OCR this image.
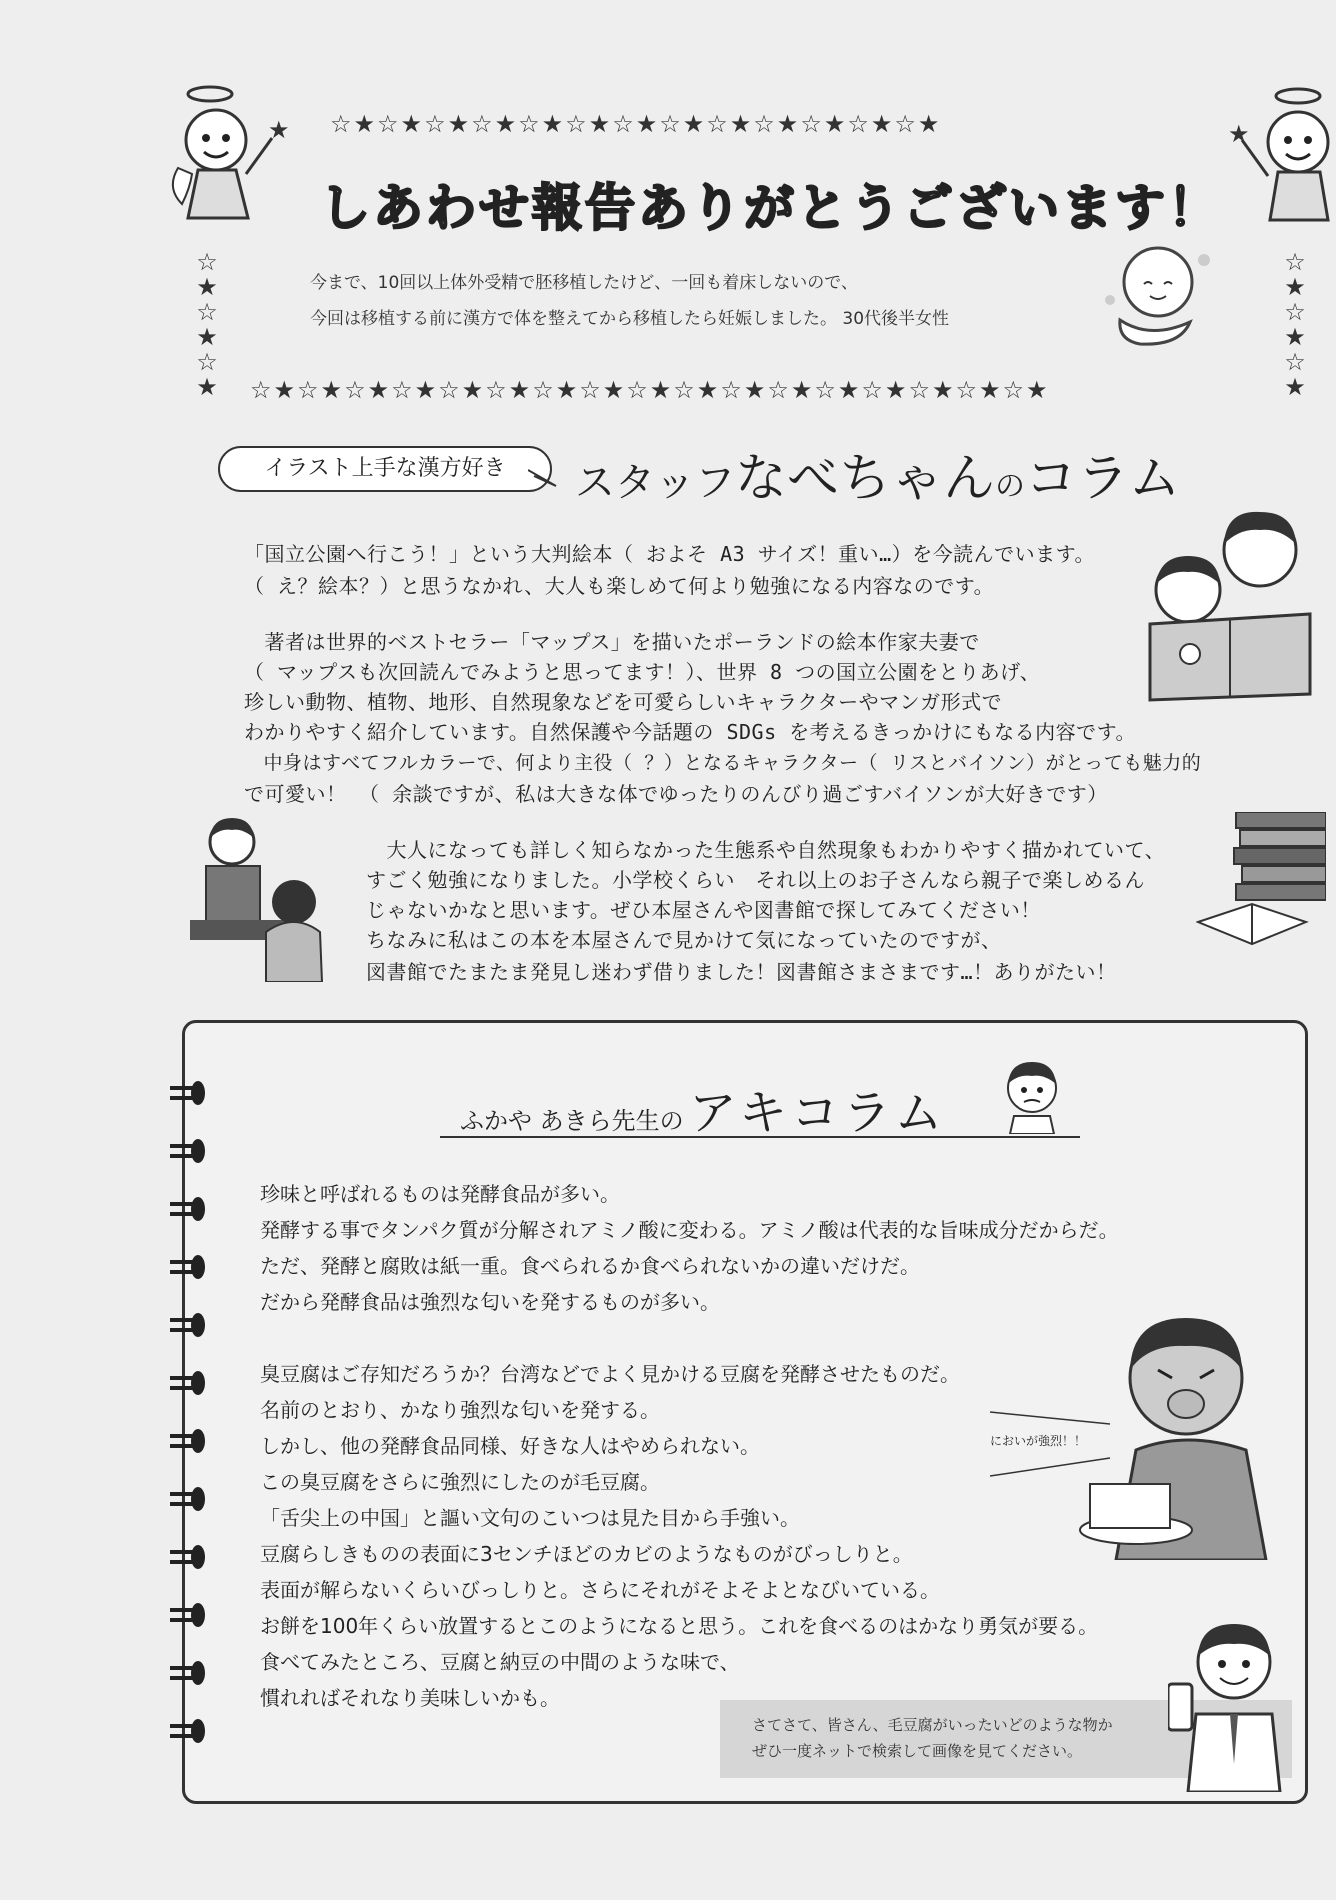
☆★☆★☆★☆★☆★☆★☆★☆★☆★☆★☆★☆★☆★
☆★☆★☆★☆★☆★☆★☆★☆★☆★☆★☆★☆★☆★☆★☆★☆★☆★
☆
★
☆
★
☆
★
☆
★
☆
★
☆
★
しあわせ報告ありがとうございます！
今まで、10回以上体外受精で胚移植したけど、一回も着床しないので、
今回は移植する前に漢方で体を整えてから移植したら妊娠しました。 30代後半女性
★	★
イラスト上手な漢方好き	スタッフなべちゃんのコラム
「国立公園へ行こう！」という大判絵本（ およそ A3 サイズ！重い…）を今読んでいます。
（ え？絵本？）と思うなかれ、大人も楽しめて何より勉強になる内容なのです。
　著者は世界的ベストセラー「マップス」を描いたポーランドの絵本作家夫妻で
（ マップスも次回読んでみようと思ってます！）、世界 8 つの国立公園をとりあげ、
珍しい動物、植物、地形、自然現象などを可愛らしいキャラクターやマンガ形式で
わかりやすく紹介しています。自然保護や今話題の SDGs を考えるきっかけにもなる内容です。
　中身はすべてフルカラーで、何より主役（ ？）となるキャラクター（ リスとバイソン）がとっても魅力的
で可愛い！ （ 余談ですが、私は大きな体でゆったりのんびり過ごすバイソンが大好きです）
　大人になっても詳しく知らなかった生態系や自然現象もわかりやすく描かれていて、
すごく勉強になりました。小学校くらい　それ以上のお子さんなら親子で楽しめるん
じゃないかなと思います。ぜひ本屋さんや図書館で探してみてください！
ちなみに私はこの本を本屋さんで見かけて気になっていたのですが、
図書館でたまたま発見し迷わず借りました！図書館さまさまです…！ありがたい！
ふかや あきら先生の アキコラム
珍味と呼ばれるものは発酵食品が多い。
発酵する事でタンパク質が分解されアミノ酸に変わる。アミノ酸は代表的な旨味成分だからだ。
ただ、発酵と腐敗は紙一重。食べられるか食べられないかの違いだけだ。
だから発酵食品は強烈な匂いを発するものが多い。
臭豆腐はご存知だろうか？台湾などでよく見かける豆腐を発酵させたものだ。
名前のとおり、かなり強烈な匂いを発する。
しかし、他の発酵食品同様、好きな人はやめられない。
この臭豆腐をさらに強烈にしたのが毛豆腐。
「舌尖上の中国」と謳い文句のこいつは見た目から手強い。
豆腐らしきものの表面に3センチほどのカビのようなものがびっしりと。
表面が解らないくらいびっしりと。さらにそれがそよそよとなびいている。
お餅を100年くらい放置するとこのようになると思う。これを食べるのはかなり勇気が要る。
食べてみたところ、豆腐と納豆の中間のような味で、
慣れればそれなり美味しいかも。
においが強烈！！
さてさて、皆さん、毛豆腐がいったいどのような物か
ぜひ一度ネットで検索して画像を見てください。
